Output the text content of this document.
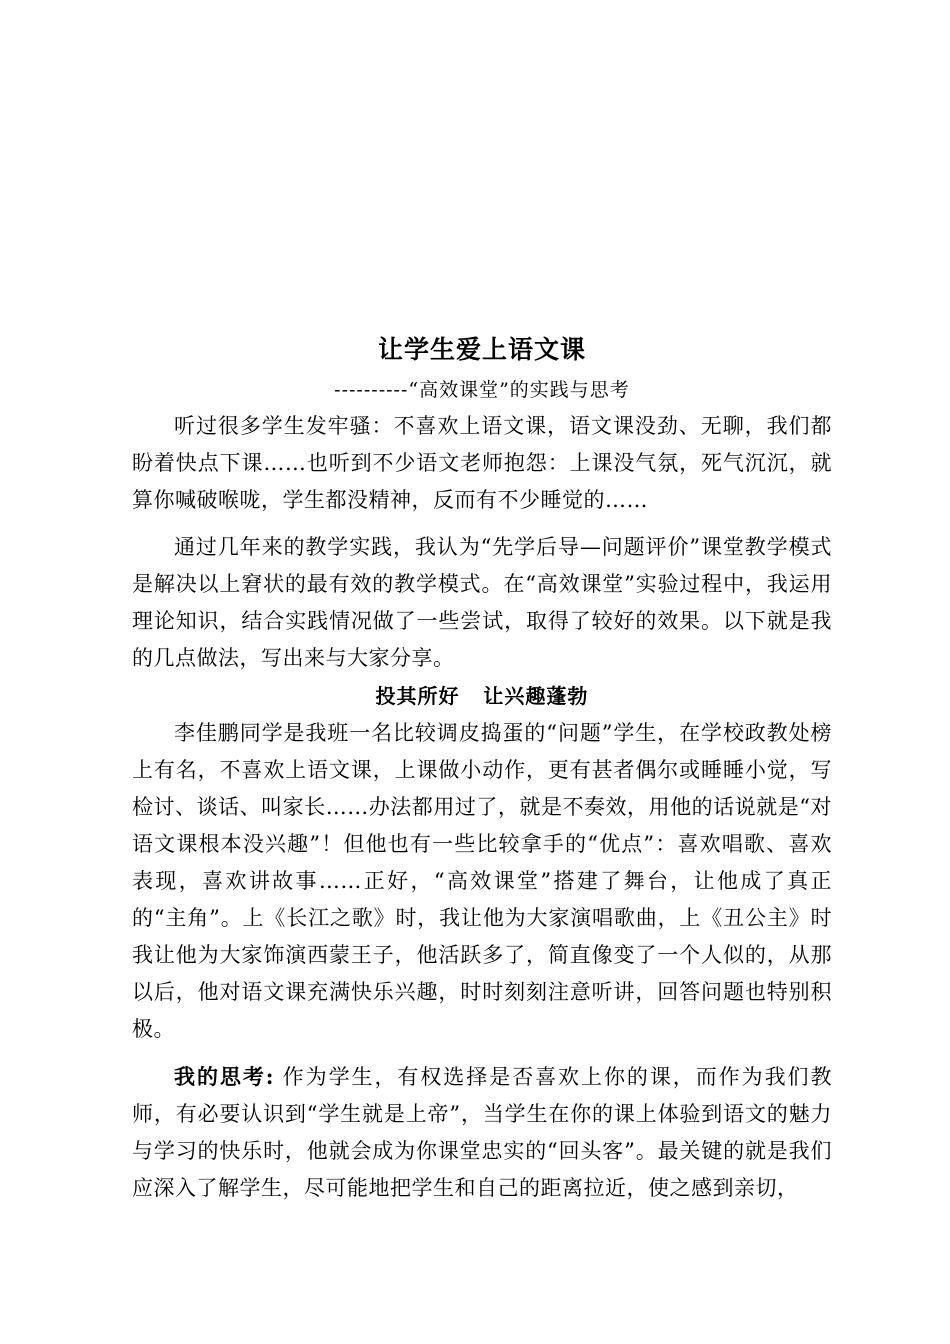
让学生爱上语文课

----------“高效课堂”的实践与思考

听过很多学生发牢骚：不喜欢上语文课，语文课没劲、无聊，我们都盼着快点下课……也听到不少语文老师抱怨：上课没气氛，死气沉沉，就算你喊破喉咙，学生都没精神，反而有不少睡觉的……

通过几年来的教学实践，我认为“先学后导—问题评价”课堂教学模式是解决以上窘状的最有效的教学模式。在“高效课堂”实验过程中，我运用理论知识，结合实践情况做了一些尝试，取得了较好的效果。以下就是我的几点做法，写出来与大家分享。

投其所好   让兴趣蓬勃

李佳鹏同学是我班一名比较调皮捣蛋的“问题”学生，在学校政教处榜上有名，不喜欢上语文课，上课做小动作，更有甚者偶尔或睡睡小觉，写检讨、谈话、叫家长……办法都用过了，就是不奏效，用他的话说就是“对语文课根本没兴趣”！但他也有一些比较拿手的“优点”：喜欢唱歌、喜欢表现，喜欢讲故事……正好，“高效课堂”搭建了舞台，让他成了真正的“主角”。上《长江之歌》时，我让他为大家演唱歌曲，上《丑公主》时我让他为大家饰演西蒙王子，他活跃多了，简直像变了一个人似的，从那以后，他对语文课充满快乐兴趣，时时刻刻注意听讲，回答问题也特别积极。

我的思考: 作为学生，有权选择是否喜欢上你的课，而作为我们教师，有必要认识到“学生就是上帝”，当学生在你的课上体验到语文的魅力与学习的快乐时，他就会成为你课堂忠实的“回头客”。最关键的就是我们应深入了解学生，尽可能地把学生和自己的距离拉近，使之感到亲切，
